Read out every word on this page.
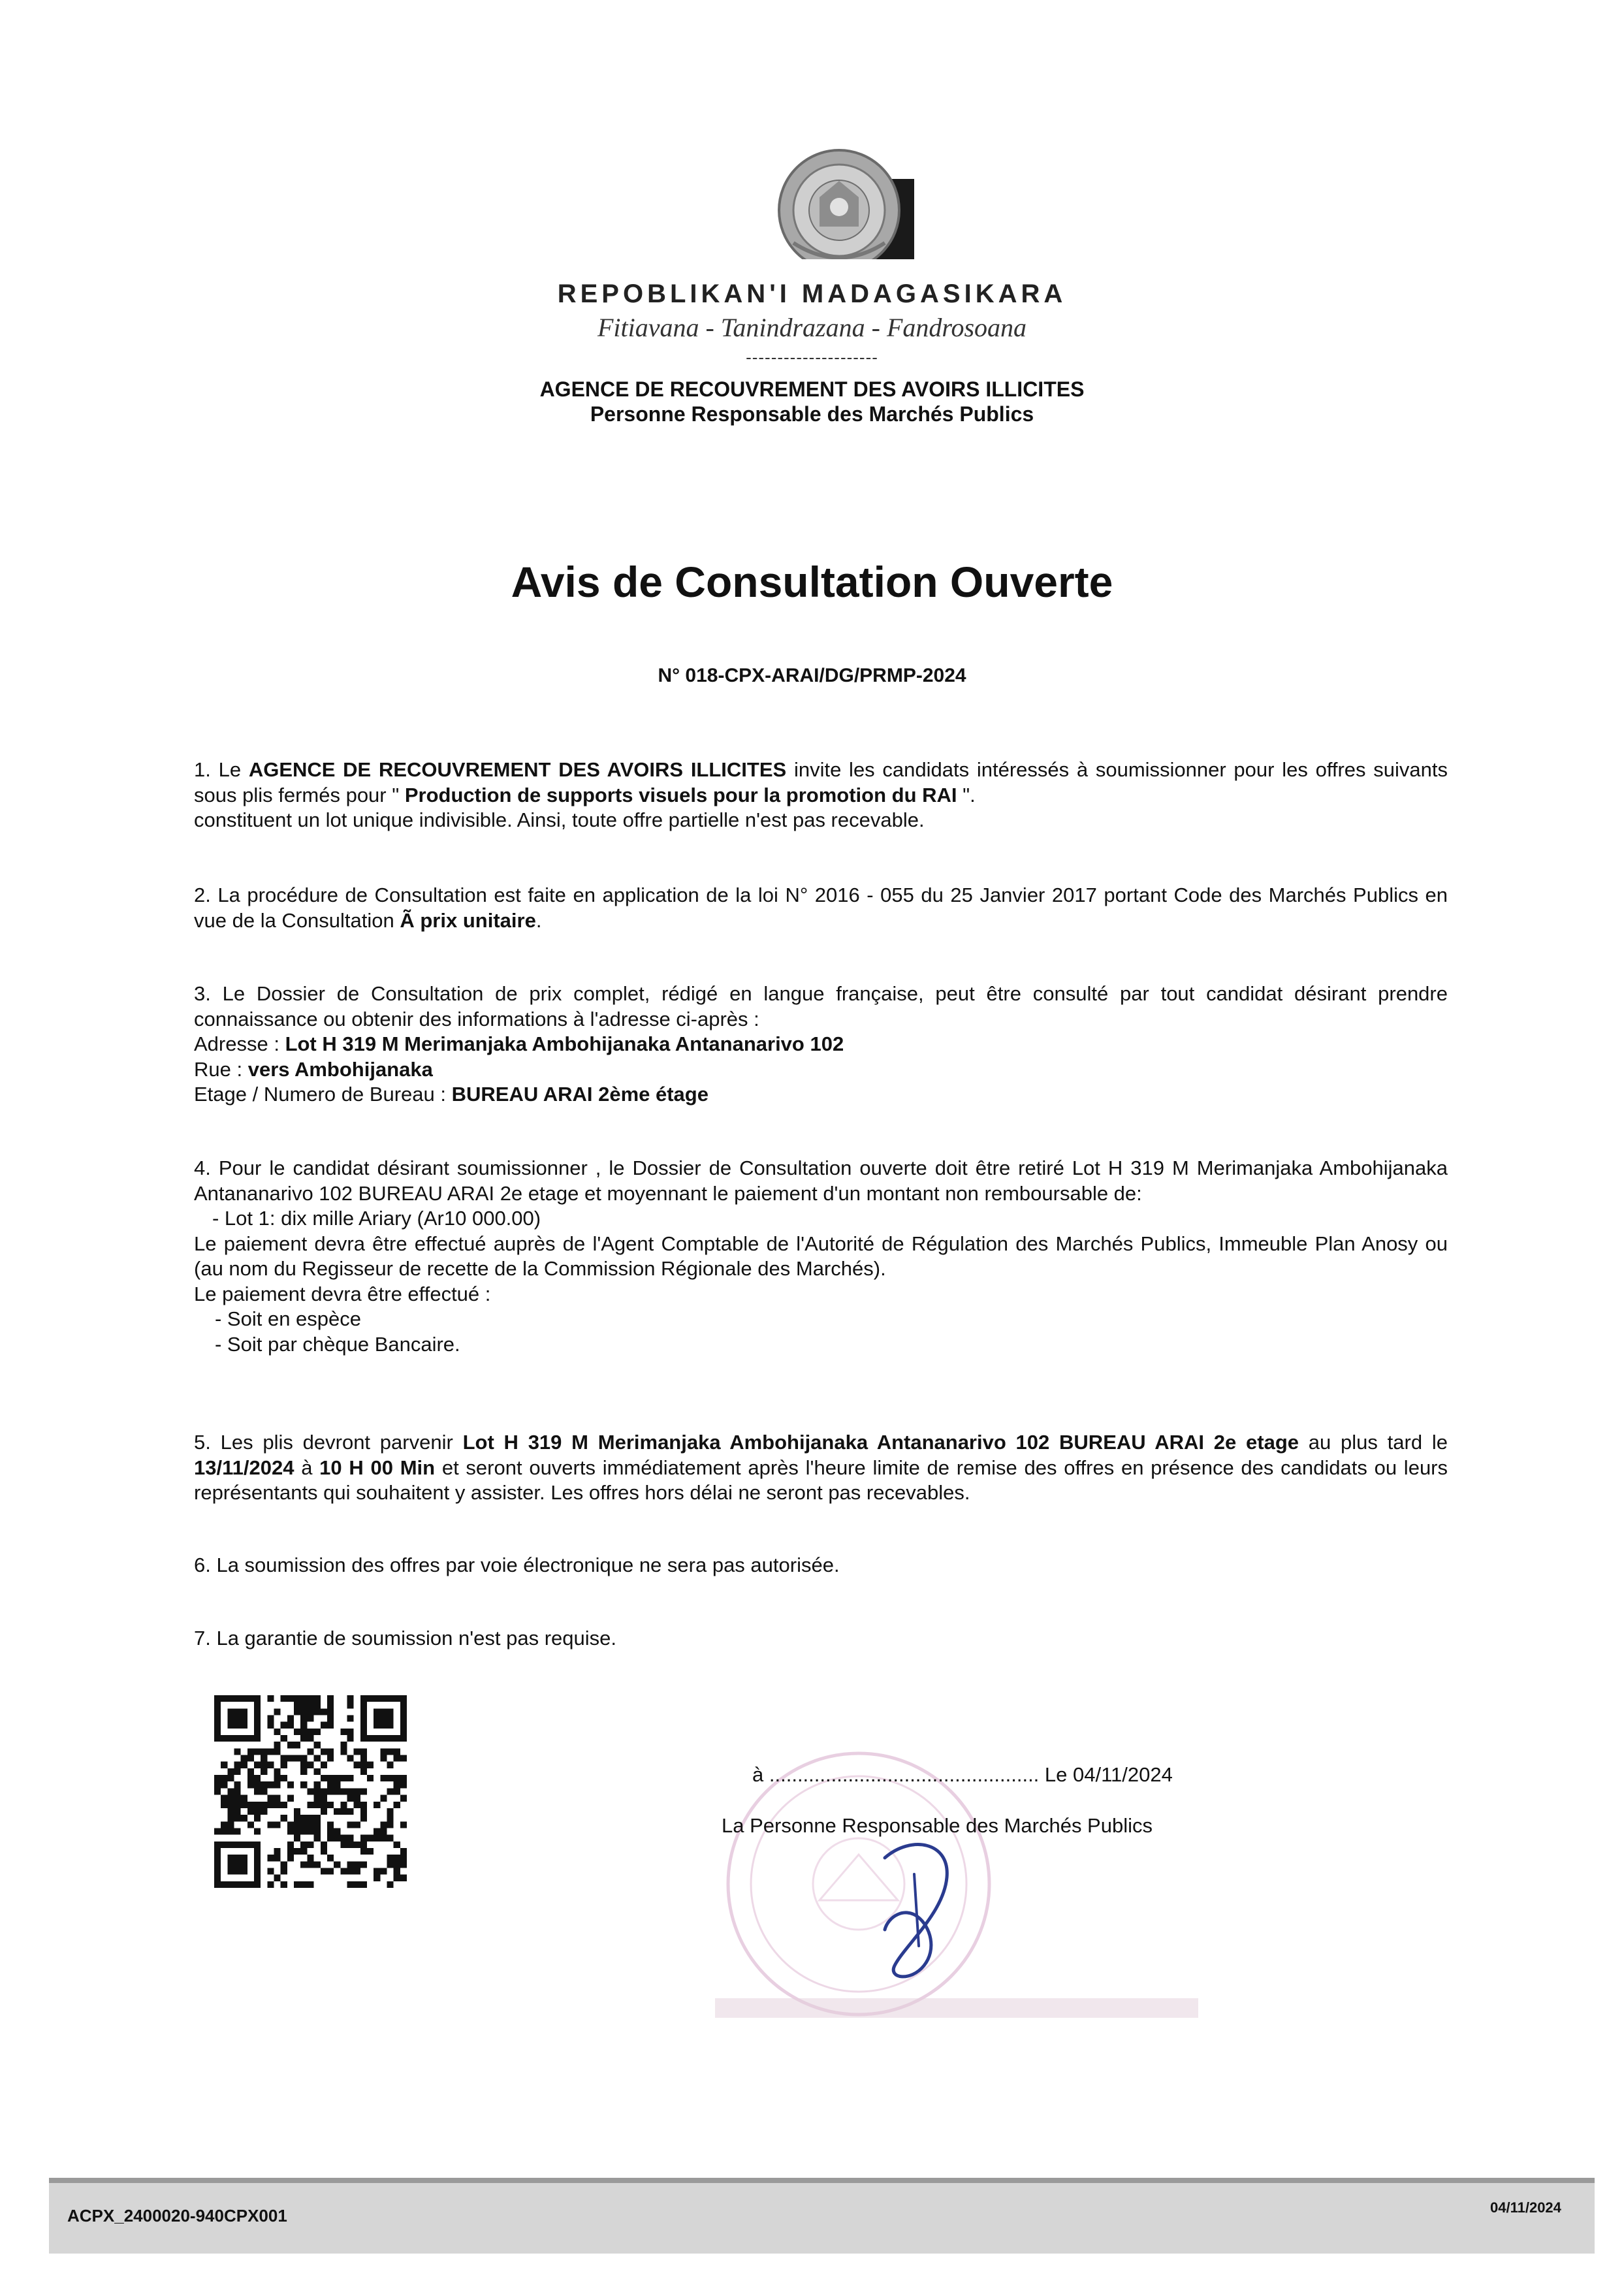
REPOBLIKAN'I MADAGASIKARA
Fitiavana - Tanindrazana - Fandrosoana
---------------------
AGENCE DE RECOUVREMENT DES AVOIRS ILLICITES
Personne Responsable des Marchés Publics
Avis de Consultation Ouverte
N° 018-CPX-ARAI/DG/PRMP-2024
1. Le AGENCE DE RECOUVREMENT DES AVOIRS ILLICITES invite les candidats intéressés à soumissionner pour les offres suivants sous plis fermés pour " Production de supports visuels pour la promotion du RAI ".
constituent un lot unique indivisible. Ainsi, toute offre partielle n'est pas recevable.
2. La procédure de Consultation est faite en application de la loi N° 2016 - 055 du 25 Janvier 2017 portant Code des Marchés Publics en vue de la Consultation Ã prix unitaire.
3. Le Dossier de Consultation de prix complet, rédigé en langue française, peut être consulté par tout candidat désirant prendre connaissance ou obtenir des informations à l'adresse ci-après :
Adresse : Lot H 319 M Merimanjaka Ambohijanaka Antananarivo 102
Rue : vers Ambohijanaka
Etage / Numero de Bureau : BUREAU ARAI 2ème étage
4. Pour le candidat désirant soumissionner , le Dossier de Consultation ouverte doit être retiré Lot H 319 M Merimanjaka Ambohijanaka Antananarivo 102 BUREAU ARAI 2e etage et moyennant le paiement d'un montant non remboursable de:
- Lot 1: dix mille Ariary (Ar10 000.00)
Le paiement devra être effectué auprès de l'Agent Comptable de l'Autorité de Régulation des Marchés Publics, Immeuble Plan Anosy ou (au nom du Regisseur de recette de la Commission Régionale des Marchés).
Le paiement devra être effectué :
- Soit en espèce
- Soit par chèque Bancaire.
5. Les plis devront parvenir Lot H 319 M Merimanjaka Ambohijanaka Antananarivo 102 BUREAU ARAI 2e etage au plus tard le 13/11/2024 à 10 H 00 Min et seront ouverts immédiatement après l'heure limite de remise des offres en présence des candidats ou leurs représentants qui souhaitent y assister. Les offres hors délai ne seront pas recevables.
6. La soumission des offres par voie électronique ne sera pas autorisée.
7. La garantie de soumission n'est pas requise.
à ................................................ Le 04/11/2024
La Personne Responsable des Marchés Publics
ACPX_2400020-940CPX001	04/11/2024
